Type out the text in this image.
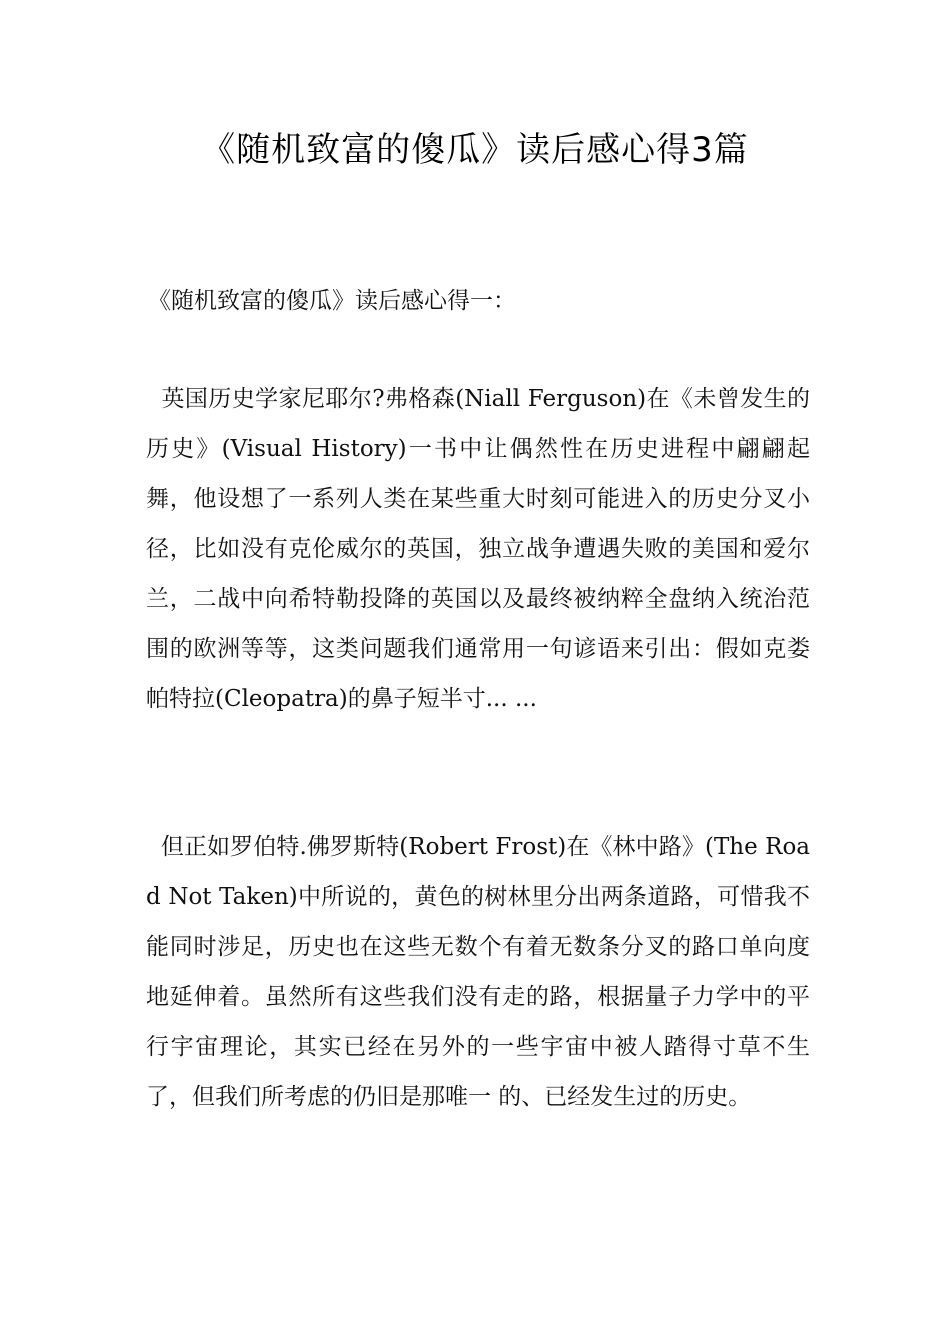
《随机致富的傻瓜》读后感心得3篇
《随机致富的傻瓜》读后感心得一：
英国历史学家尼耶尔?弗格森(Niall Ferguson)在《未曾发生的历史》(Visual History)一书中让偶然性在历史进程中翩翩起舞，他设想了一系列人类在某些重大时刻可能进入的历史分叉小径，比如没有克伦威尔的英国，独立战争遭遇失败的美国和爱尔兰，二战中向希特勒投降的英国以及最终被纳粹全盘纳入统治范围的欧洲等等，这类问题我们通常用一句谚语来引出：假如克娄帕特拉(Cleopatra)的鼻子短半寸... ...
但正如罗伯特.佛罗斯特(Robert Frost)在《林中路》(The Road Not Taken)中所说的，黄色的树林里分出两条道路，可惜我不能同时涉足，历史也在这些无数个有着无数条分叉的路口单向度地延伸着。虽然所有这些我们没有走的路，根据量子力学中的平行宇宙理论，其实已经在另外的一些宇宙中被人踏得寸草不生了，但我们所考虑的仍旧是那唯一 的、已经发生过的历史。
